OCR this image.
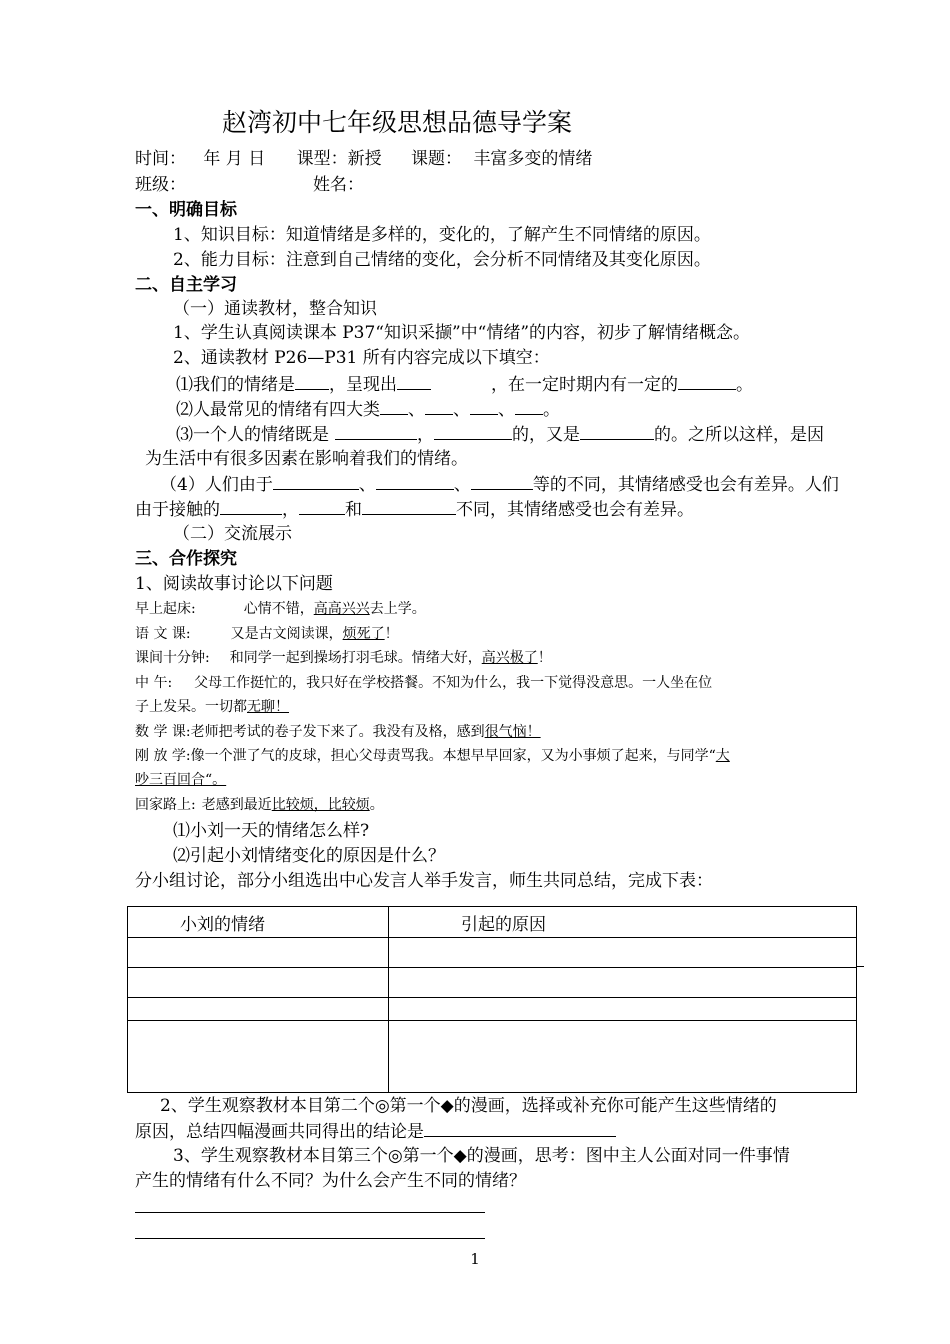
赵湾初中七年级思想品德导学案
时间： 年 月 日 课型：新授 课题： 丰富多变的情绪
班级：	姓名：
一、明确目标
1、知识目标：知道情绪是多样的，变化的，了解产生不同情绪的原因。
2、能力目标：注意到自己情绪的变化，会分析不同情绪及其变化原因。
二、自主学习
（一）通读教材，整合知识
1、学生认真阅读课本 P37“知识采撷”中“情绪”的内容，初步了解情绪概念。
2、通读教材 P26—P31 所有内容完成以下填空：
⑴我们的情绪是 ，呈现出	，在一定时期内有一定的	。
⑵人最常见的情绪有四大类 、 、 、 。
⑶一个人的情绪既是	，	的，又是	的。之所以这样，是因
为生活中有很多因素在影响着我们的情绪。
（4）人们由于	、	、	等的不同，其情绪感受也会有差异。人们
由于接触的	，	和	不同，其情绪感受也会有差异。
（二）交流展示
三、合作探究
1、阅读故事讨论以下问题
早上起床:	心情不错，高高兴兴去上学。
语 文 课:	又是古文阅读课，烦死了！
课间十分钟: 和同学一起到操场打羽毛球。情绪大好，高兴极了！
中 午: 父母工作挺忙的，我只好在学校搭餐。不知为什么，我一下觉得没意思。一人坐在位
子上发呆。一切都无聊！
数 学 课:老师把考试的卷子发下来了。我没有及格，感到很气恼！
刚 放 学:像一个泄了气的皮球，担心父母责骂我。本想早早回家，又为小事烦了起来，与同学“大
吵三百回合“。
回家路上: 老感到最近比较烦，比较烦。
⑴小刘一天的情绪怎么样?
⑵引起小刘情绪变化的原因是什么？
分小组讨论，部分小组选出中心发言人举手发言，师生共同总结，完成下表：
小刘的情绪	引起的原因

2、学生观察教材本目第二个◎第一个◆的漫画，选择或补充你可能产生这些情绪的
原因，总结四幅漫画共同得出的结论是
3、学生观察教材本目第三个◎第一个◆的漫画，思考：图中主人公面对同一件事情
产生的情绪有什么不同？为什么会产生不同的情绪？
1
